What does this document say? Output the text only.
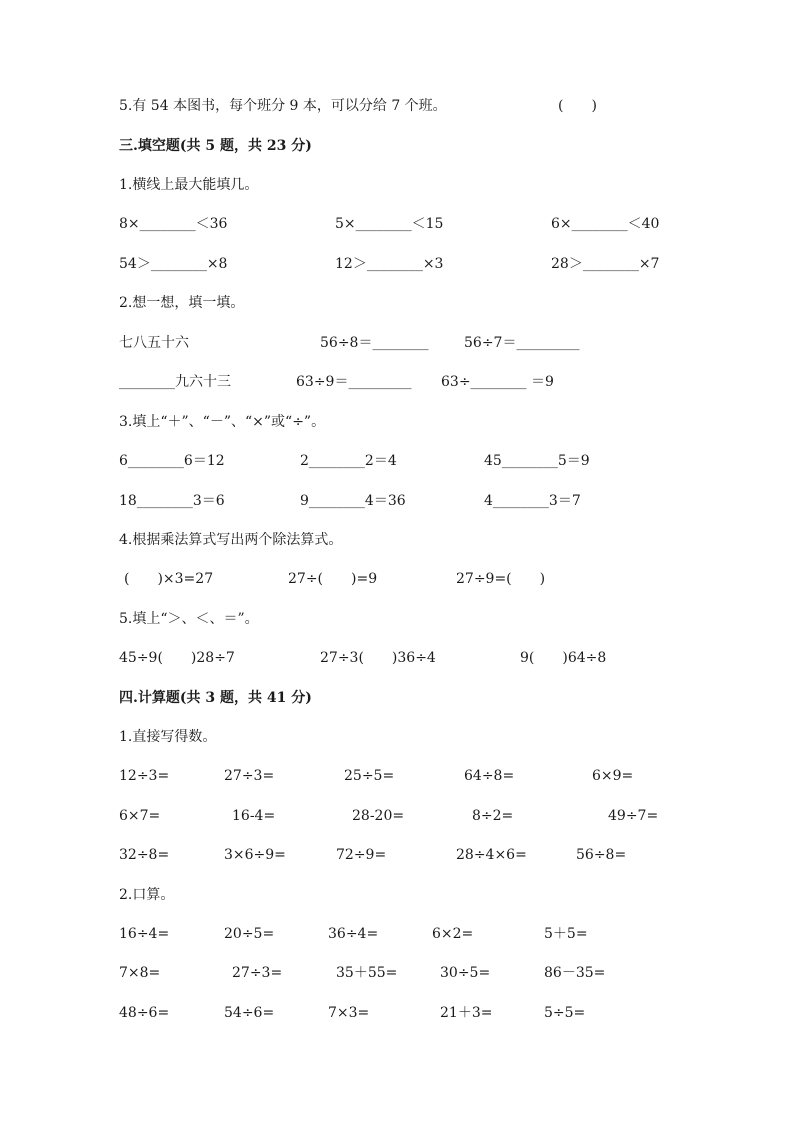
5.有 54 本图书，每个班分 9 本，可以分给 7 个班。	(　　)
三.填空题(共 5 题，共 23 分)
1.横线上最大能填几。
8×________＜36	5×________＜15	6×________＜40
54＞________×8	12＞________×3	28＞________×7
2.想一想，填一填。
七八五十六	56÷8＝________	56÷7＝_________
________九六十三	63÷9＝_________ 63÷________ ＝9
3.填上“＋”、“－”、“×”或“÷”。
6________6＝12	2________2＝4	45________5＝9
18________3＝6	9________4＝36	4________3＝7
4.根据乘法算式写出两个除法算式。
(　　)×3=27	27÷(　　)=9	27÷9=(　　)
5.填上“＞、＜、＝”。
45÷9(　　)28÷7	27÷3(　　)36÷4	9(　　)64÷8
四.计算题(共 3 题，共 41 分)
1.直接写得数。
12÷3=	27÷3=	25÷5=	64÷8=	6×9=
6×7=	16-4=	28-20=	8÷2=	49÷7=
32÷8=	3×6÷9=	72÷9=	28÷4×6=	56÷8=
2.口算。
16÷4=	20÷5=	36÷4=	6×2=	5＋5=
7×8=	27÷3=	35＋55=	30÷5=	86－35=
48÷6=	54÷6=	7×3=	21＋3=	5÷5=
